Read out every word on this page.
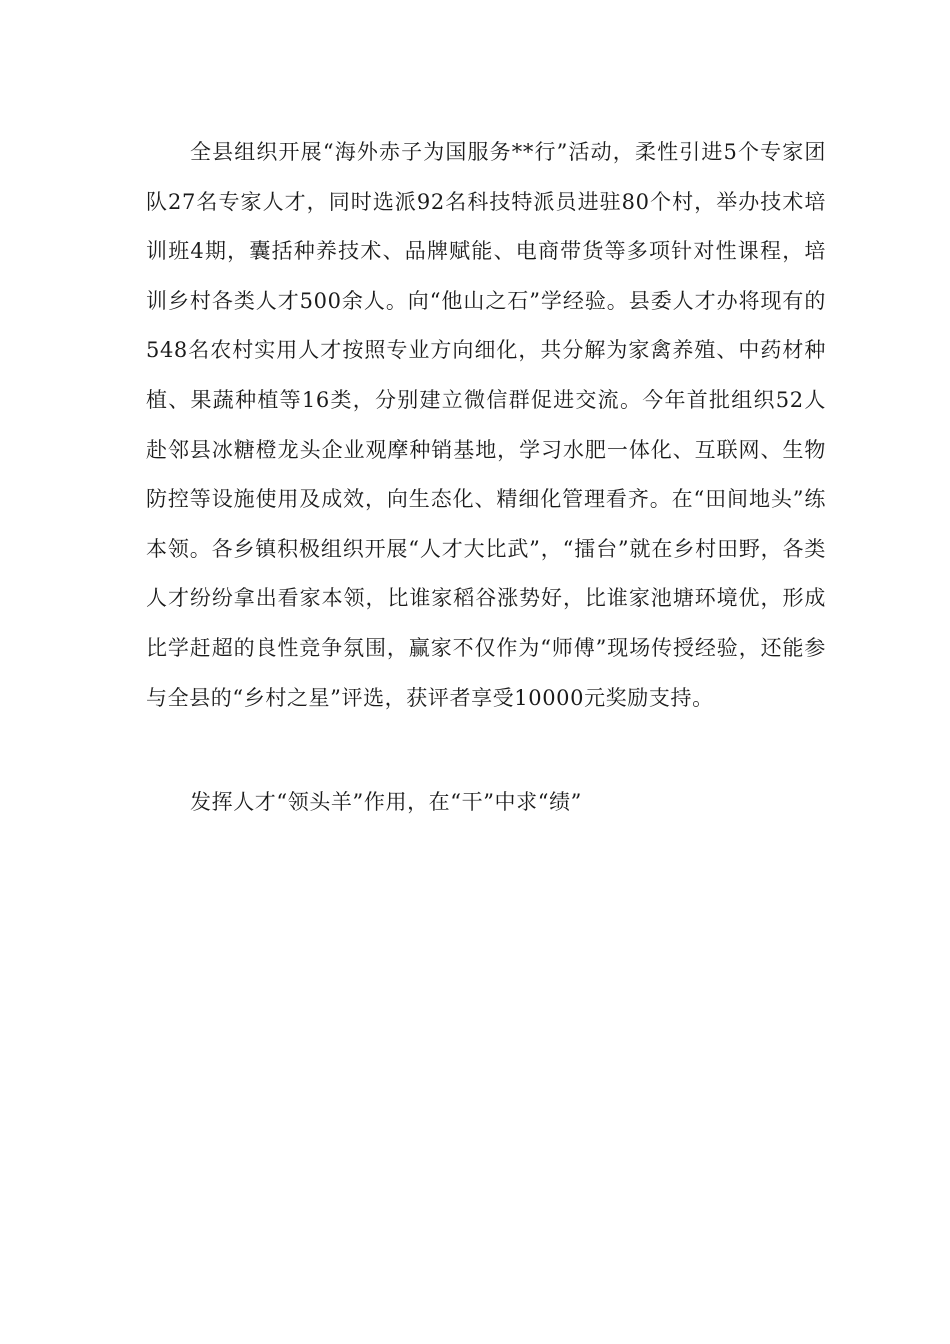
全县组织开展“海外赤子为国服务**行”活动，柔性引进5个专家团队27名专家人才，同时选派92名科技特派员进驻80个村，举办技术培训班4期，囊括种养技术、品牌赋能、电商带货等多项针对性课程，培训乡村各类人才500余人。向“他山之石”学经验。县委人才办将现有的548名农村实用人才按照专业方向细化，共分解为家禽养殖、中药材种植、果蔬种植等16类，分别建立微信群促进交流。今年首批组织52人赴邻县冰糖橙龙头企业观摩种销基地，学习水肥一体化、互联网、生物防控等设施使用及成效，向生态化、精细化管理看齐。在“田间地头”练本领。各乡镇积极组织开展“人才大比武”，“擂台”就在乡村田野，各类人才纷纷拿出看家本领，比谁家稻谷涨势好，比谁家池塘环境优，形成比学赶超的良性竞争氛围，赢家不仅作为“师傅”现场传授经验，还能参与全县的“乡村之星”评选，获评者享受10000元奖励支持。

发挥人才“领头羊”作用，在“干”中求“绩”
